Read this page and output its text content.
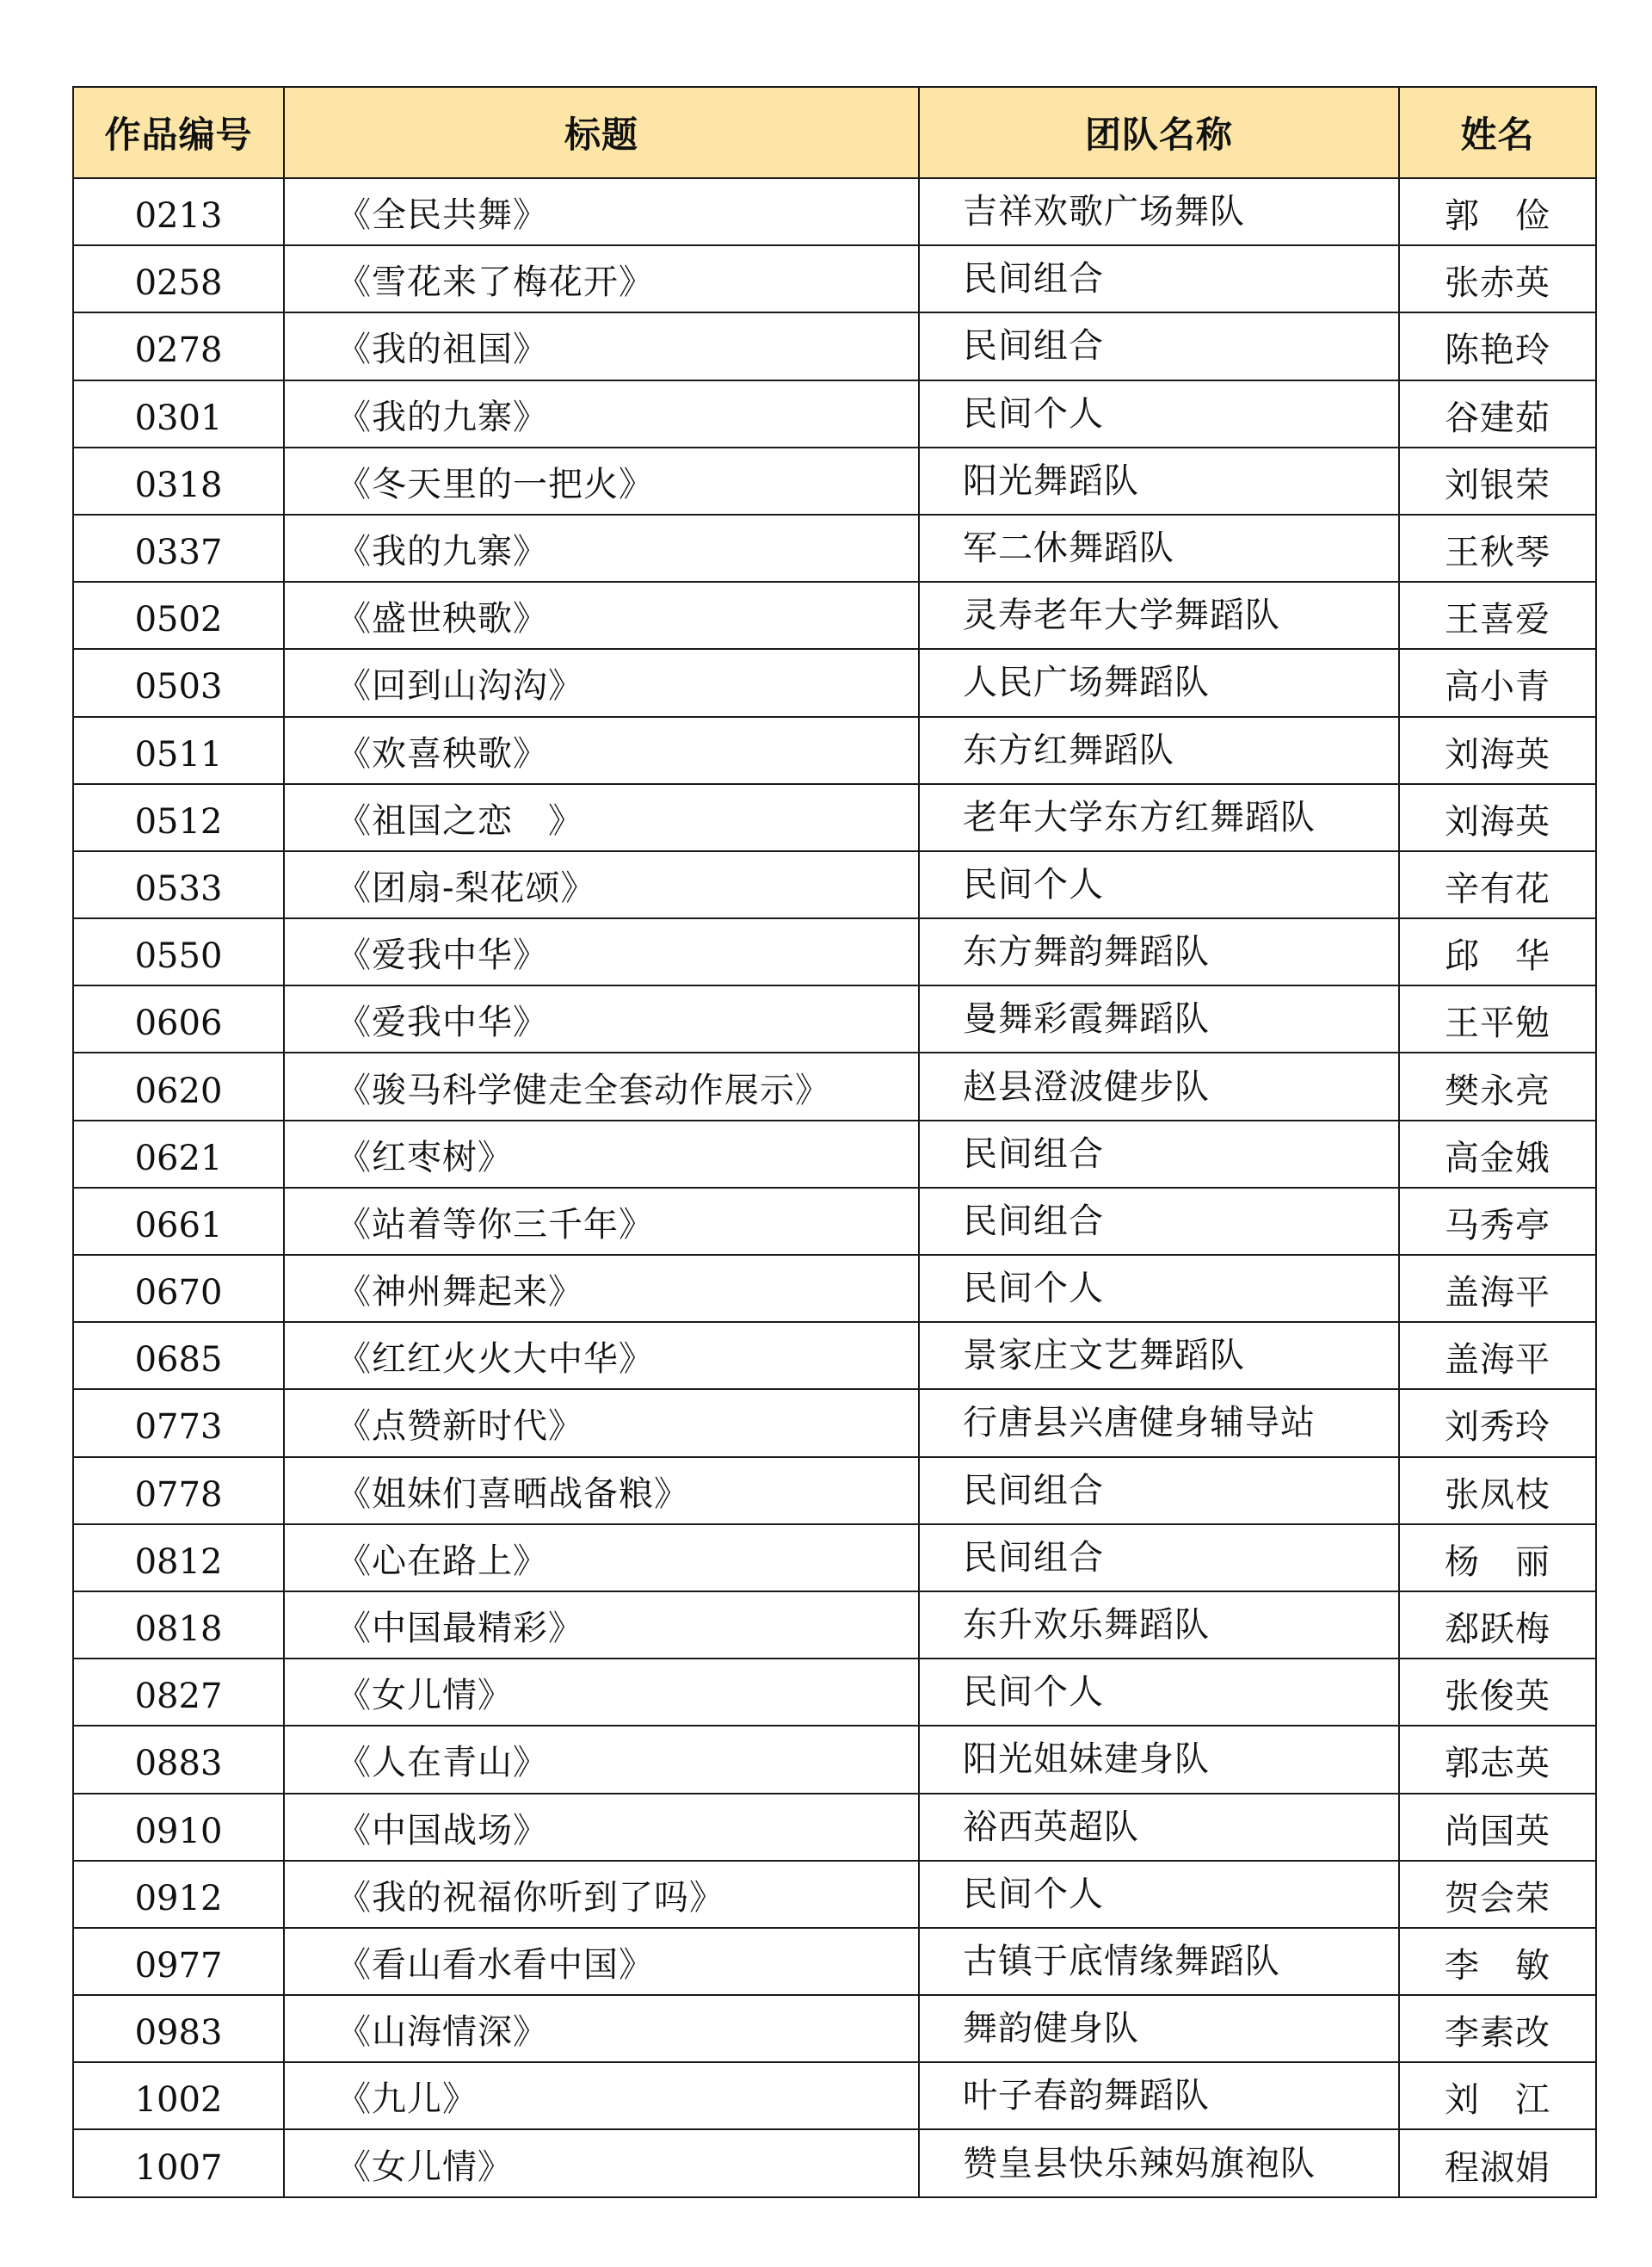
作品编号	标题	团队名称	姓名
0213	《全民共舞》	吉祥欢歌广场舞队	郭　俭
0258	《雪花来了梅花开》	民间组合	张赤英
0278	《我的祖国》	民间组合	陈艳玲
0301	《我的九寨》	民间个人	谷建茹
0318	《冬天里的一把火》	阳光舞蹈队	刘银荣
0337	《我的九寨》	军二休舞蹈队	王秋琴
0502	《盛世秧歌》	灵寿老年大学舞蹈队	王喜爱
0503	《回到山沟沟》	人民广场舞蹈队	高小青
0511	《欢喜秧歌》	东方红舞蹈队	刘海英
0512	《祖国之恋　》	老年大学东方红舞蹈队	刘海英
0533	《团扇-梨花颂》	民间个人	辛有花
0550	《爱我中华》	东方舞韵舞蹈队	邱　华
0606	《爱我中华》	曼舞彩霞舞蹈队	王平勉
0620	《骏马科学健走全套动作展示》	赵县澄波健步队	樊永亮
0621	《红枣树》	民间组合	高金娥
0661	《站着等你三千年》	民间组合	马秀亭
0670	《神州舞起来》	民间个人	盖海平
0685	《红红火火大中华》	景家庄文艺舞蹈队	盖海平
0773	《点赞新时代》	行唐县兴唐健身辅导站	刘秀玲
0778	《姐妹们喜晒战备粮》	民间组合	张凤枝
0812	《心在路上》	民间组合	杨　丽
0818	《中国最精彩》	东升欢乐舞蹈队	郄跃梅
0827	《女儿情》	民间个人	张俊英
0883	《人在青山》	阳光姐妹建身队	郭志英
0910	《中国战场》	裕西英超队	尚国英
0912	《我的祝福你听到了吗》	民间个人	贺会荣
0977	《看山看水看中国》	古镇于底情缘舞蹈队	李　敏
0983	《山海情深》	舞韵健身队	李素改
1002	《九儿》	叶子春韵舞蹈队	刘　江
1007	《女儿情》	赞皇县快乐辣妈旗袍队	程淑娟
